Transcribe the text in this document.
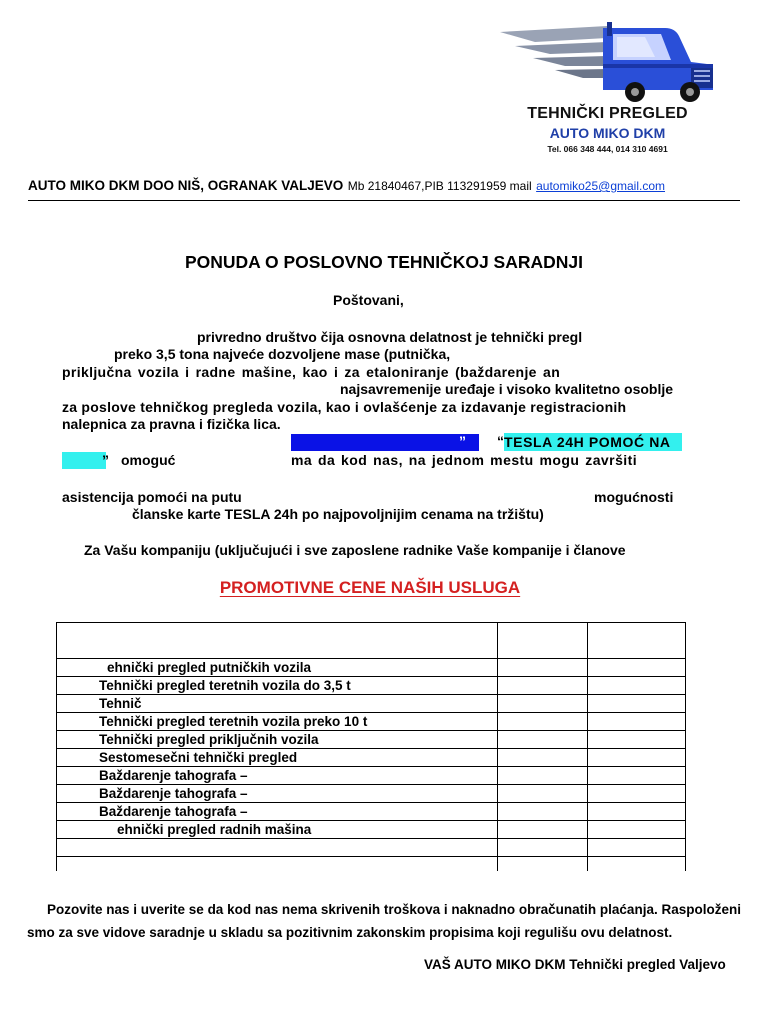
TEHNIČKI PREGLED
AUTO MIKO DKM
Tel. 066 348 444, 014 310 4691
AUTO MIKO DKM DOO NIŠ, OGRANAK VALJEVO Mb 21840467,PIB 113291959 mail automiko25@gmail.com
PONUDA O POSLOVNO TEHNIČKOJ SARADNJI
Poštovani,
privredno društvo čija osnovna delatnost je tehnički pregl
preko 3,5 tona najveće dozvoljene mase (putnička,
priključna vozila i radne mašine, kao i za etaloniranje (baždarenje an
najsavremenije uređaje i visoko kvalitetno osoblje
za poslove tehničkog pregleda vozila, kao i ovlašćenje za izdavanje registracionih
nalepnica za pravna i fizička lica.
” “ TESLA 24H POMOĆ NA
” omoguć	ma da kod nas, na jednom mestu mogu završiti
asistencija pomoći na putu	mogućnosti
članske karte TESLA 24h po najpovoljnijim cenama na tržištu)
Za Vašu kompaniju (uključujući i sve zaposlene radnike Vaše kompanije i članove
PROMOTIVNE CENE NAŠIH USLUGA

ehnički pregled putničkih vozila		
Tehnički pregled teretnih vozila do 3,5 t		
Tehnič		
Tehnički pregled teretnih vozila preko 10 t		
Tehnički pregled priključnih vozila		
Sestomesečni tehnički pregled		
Baždarenje tahografa –		
Baždarenje tahografa –		
Baždarenje tahografa –		
ehnički pregled radnih mašina		

Pozovite nas i uverite se da kod nas nema skrivenih troškova i naknadno obračunatih plaćanja. Raspoloženi smo za sve vidove saradnje u skladu sa pozitivnim zakonskim propisima koji regulišu ovu delatnost.
VAŠ AUTO MIKO DKM Tehnički pregled Valjevo
